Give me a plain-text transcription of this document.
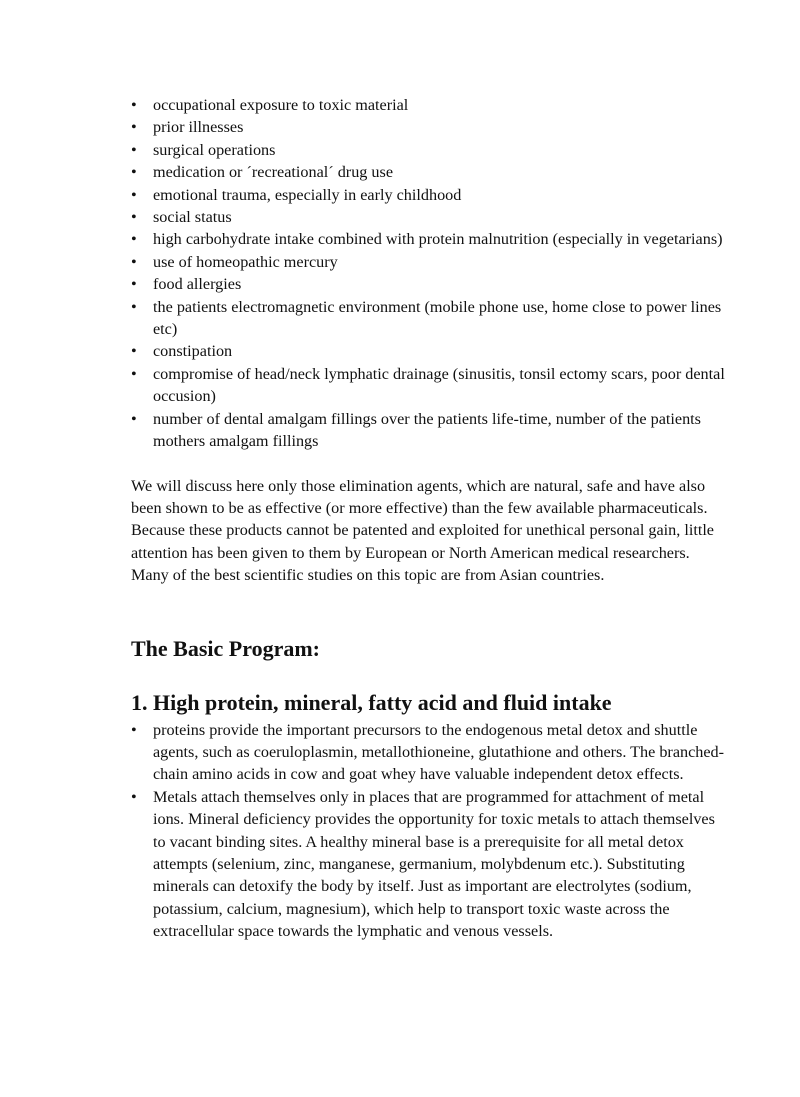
•	occupational exposure to toxic material
•	prior illnesses
•	surgical operations
•	medication or ´recreational´ drug use
•	emotional trauma, especially in early childhood
•	social status
•	high carbohydrate intake combined with protein malnutrition (especially in vegetarians)
•	use of homeopathic mercury
•	food allergies
•	the patients electromagnetic environment (mobile phone use, home close to power lines etc)
•	constipation
•	compromise of head/neck lymphatic drainage (sinusitis, tonsil ectomy scars, poor dental occusion)
•	number of dental amalgam fillings over the patients life-time, number of the patients mothers amalgam fillings

We will discuss here only those elimination agents, which are natural, safe and have also been shown to be as effective (or more effective) than the few available pharmaceuticals. Because these products cannot be patented and exploited for unethical personal gain, little attention has been given to them by European or North American medical researchers. Many of the best scientific studies on this topic are from Asian countries.

The Basic Program:
1. High protein, mineral, fatty acid and fluid intake
•	proteins provide the important precursors to the endogenous metal detox and shuttle agents, such as coeruloplasmin, metallothioneine, glutathione and others. The branched-chain amino acids in cow and goat whey have valuable independent detox effects.
•	Metals attach themselves only in places that are programmed for attachment of metal ions. Mineral deficiency provides the opportunity for toxic metals to attach themselves to vacant binding sites. A healthy mineral base is a prerequisite for all metal detox attempts (selenium, zinc, manganese, germanium, molybdenum etc.). Substituting minerals can detoxify the body by itself. Just as important are electrolytes (sodium, potassium, calcium, magnesium), which help to transport toxic waste across the extracellular space towards the lymphatic and venous vessels.
